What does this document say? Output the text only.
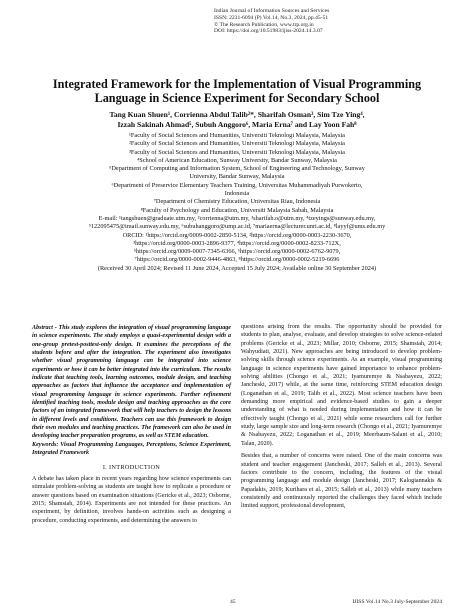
Indian Journal of Information Sources and Services
ISSN: 2231-6094 (P) Vol.14, No.3, 2024, pp.45-51
© The Research Publication, www.trp.org.in
DOI: https://doi.org/10.51983/ijiss-2024.14.3.07
Integrated Framework for the Implementation of Visual Programming Language in Science Experiment for Secondary School
Tang Kuan Shuen¹, Corrienna Abdul Talib²*, Sharifah Osman³, Sim Tze Ying⁴,
Izzah Sakinah Ahmad⁵, Subuh Anggoro⁶, Maria Erna⁷ and Lay Yoon Fah⁸
¹Faculty of Social Sciences and Humanities, Universiti Teknologi Malaysia, Malaysia
²Faculty of Social Sciences and Humanities, Universiti Teknologi Malaysia, Malaysia
³Faculty of Social Sciences and Humanities, Universiti Teknologi Malaysia, Malaysia
⁴School of American Education, Sunway University, Bandar Sunway, Malaysia
⁵Department of Computing and Information System, School of Engineering and Technology, Sunway
University, Bandar Sunway, Malaysia
⁶Department of Preservice Elementary Teachers Training, Universitas Muhammadiyah Purwokerto,
Indonesia
⁷Department of Chemistry Education, Universitas Riau, Indonesia
⁸Faculty of Psychology and Education, Universiti Malaysia Sabah, Malaysia
E-mail: ¹tangshuen@graduate.utm.my, ²corrienna@utm.my, ³sharifah.o@utm.my, ⁴tzeyings@sunway.edu.my,
⁵122095475@imail.sunway.edu.my, ⁶subuhanggoro@ump.ac.id, ⁷mariaerna@lecturer.unri.ac.id, ⁸layyf@ums.edu.my
ORCID: ¹https://orcid.org/0009-0002-2850-5134, ²https://orcid.org/0000-0003-2230-3670,
³https://orcid.org/0000-0003-2896-9377, ⁴https://orcid.org/0000-0002-8233-712X,
⁵https://orcid.org/0009-0007-7345-6366, ⁶https://orcid.org/0000-0002-6762-9079,
⁷https://orcid.org/0000-0002-9446-4863, ⁸https://orcid.org/0000-0002-5219-6696
(Received 30 April 2024; Revised 11 June 2024, Accepted 15 July 2024; Available online 30 September 2024)
Abstract - This study explores the integration of visual programming language in science experiments. The study employs a quasi-experimental design with a one-group pretest-posttest-only design. It examines the perceptions of the students before and after the integration. The experiment also investigates whether visual programming language can be integrated into science experiments or how it can be better integrated into the curriculum. The results indicate that teaching tools, learning outcomes, module design, and teaching approaches as factors that influence the acceptance and implementation of visual programming language in science experiments. Further refinement identified teaching tools, module design and teaching approaches as the core factors of an integrated framework that will help teachers to design the lessons in different levels and conditions. Teachers can use this framework to design their own modules and teaching practices. The framework can also be used in developing teacher preparation programs, as well as STEM education.
Keywords: Visual Programming Languages, Perceptions, Science Experiment, Integrated Framework
I. INTRODUCTION
A debate has taken place in recent years regarding how science experiments can stimulate problem-solving as students are taught how to replicate a procedure or answer questions based on examination situations (Gericke et al., 2023; Osborne, 2015; Shamsiah, 2014). Experiments are not intended for these practices. An experiment, by definition, involves hands-on activities such as designing a procedure, conducting experiments, and determining the answers to
questions arising from the results. The opportunity should be provided for students to plan, analyse, evaluate, and develop strategies to solve science-related problems (Gericke et al., 2023; Millar, 2010; Osborne, 2015; Shamsiah, 2014; Wahyudiati, 2021). New approaches are being introduced to develop problem-solving skills through science experiments. As an example, visual programming language in science experiments have gained importance to enhance problem-solving abilities (Chongo et al., 2021; Iyamuremye & Nsabayezu, 2022; Jancheski, 2017) while, at the same time, reinforcing STEM education design (Loganathan et al., 2019; Talib et al., 2022). Most science teachers have been demanding more empirical and evidence-based studies to gain a deeper understanding of what is needed during implementation and how it can be effectively taught (Chongo et al., 2021) while some researchers call for further study, large sample size and long-term research (Chongo et al., 2021; Iyamuremye & Nsabayezu, 2022; Loganathan et al., 2019; Meerbaum-Salant et al., 2010; Talan, 2020).
Besides that, a number of concerns were raised. One of the main concerns was student and teacher engagement (Jancheski, 2017; Salleh et al., 2013). Several factors contribute to the concern, including, the features of the visual programming language and module design (Jancheski, 2017; Kalogiannakis & Papadakis, 2019; Kurihara et al., 2015; Salleh et al., 2013) while many teachers consistently and continuously reported the challenges they faced which include limited support, professional development,
45	IJISS Vol.14 No.3 July-September 2024
